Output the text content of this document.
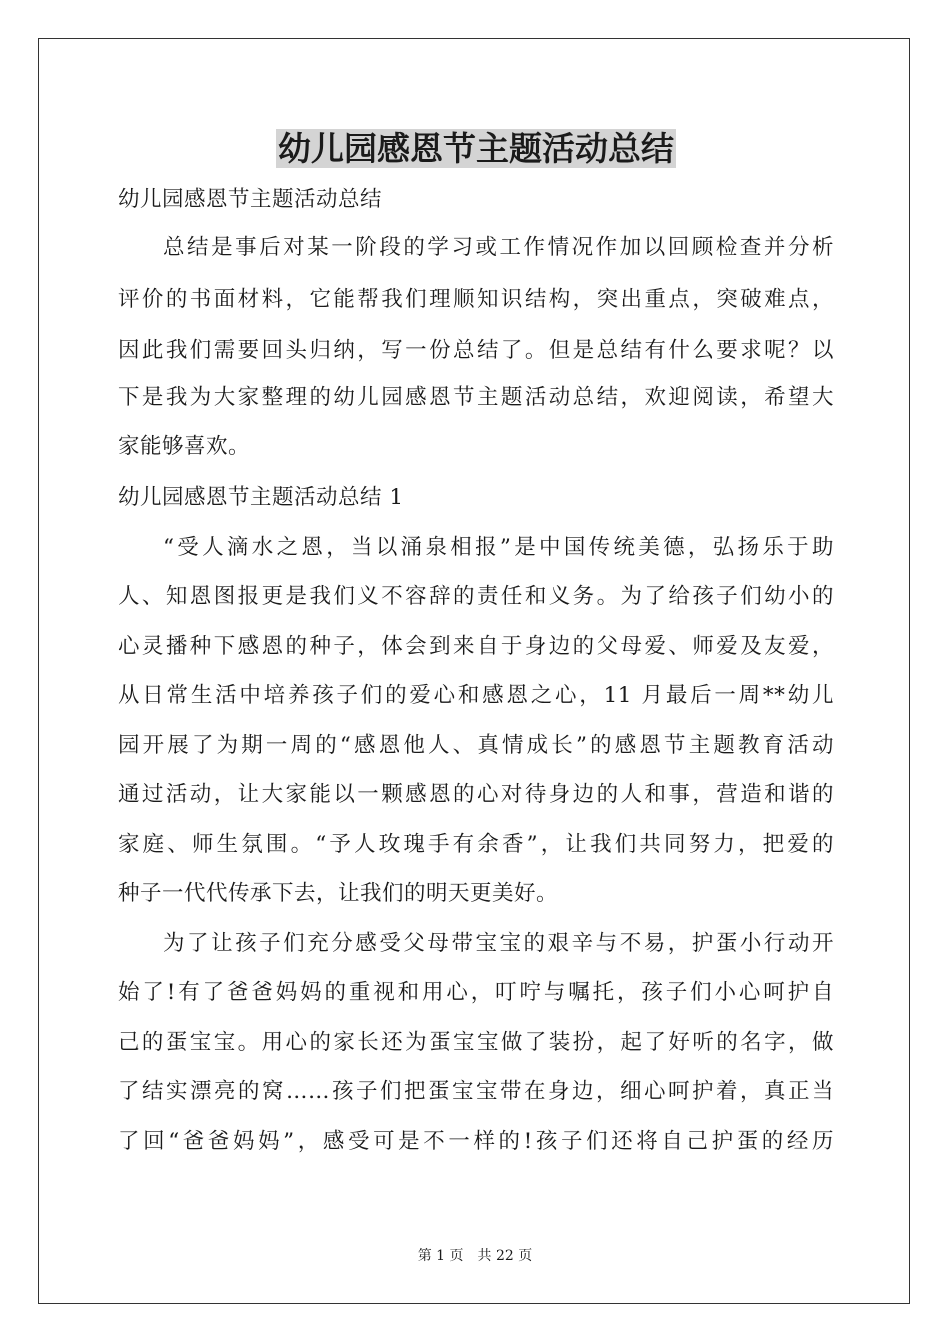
幼儿园感恩节主题活动总结
幼儿园感恩节主题活动总结
总结是事后对某一阶段的学习或工作情况作加以回顾检查并分析
评价的书面材料，它能帮我们理顺知识结构，突出重点，突破难点，
因此我们需要回头归纳，写一份总结了。但是总结有什么要求呢？以
下是我为大家整理的幼儿园感恩节主题活动总结，欢迎阅读，希望大
家能够喜欢。
幼儿园感恩节主题活动总结 1
“受人滴水之恩，当以涌泉相报”是中国传统美德，弘扬乐于助
人、知恩图报更是我们义不容辞的责任和义务。为了给孩子们幼小的
心灵播种下感恩的种子，体会到来自于身边的父母爱、师爱及友爱，
从日常生活中培养孩子们的爱心和感恩之心，11 月最后一周**幼儿
园开展了为期一周的“感恩他人、真情成长”的感恩节主题教育活动
通过活动，让大家能以一颗感恩的心对待身边的人和事，营造和谐的
家庭、师生氛围。“予人玫瑰手有余香”，让我们共同努力，把爱的
种子一代代传承下去，让我们的明天更美好。
为了让孩子们充分感受父母带宝宝的艰辛与不易，护蛋小行动开
始了!有了爸爸妈妈的重视和用心，叮咛与嘱托，孩子们小心呵护自
己的蛋宝宝。用心的家长还为蛋宝宝做了装扮，起了好听的名字，做
了结实漂亮的窝……孩子们把蛋宝宝带在身边，细心呵护着，真正当
了回“爸爸妈妈”，感受可是不一样的!孩子们还将自己护蛋的经历
第 1 页　共 22 页
